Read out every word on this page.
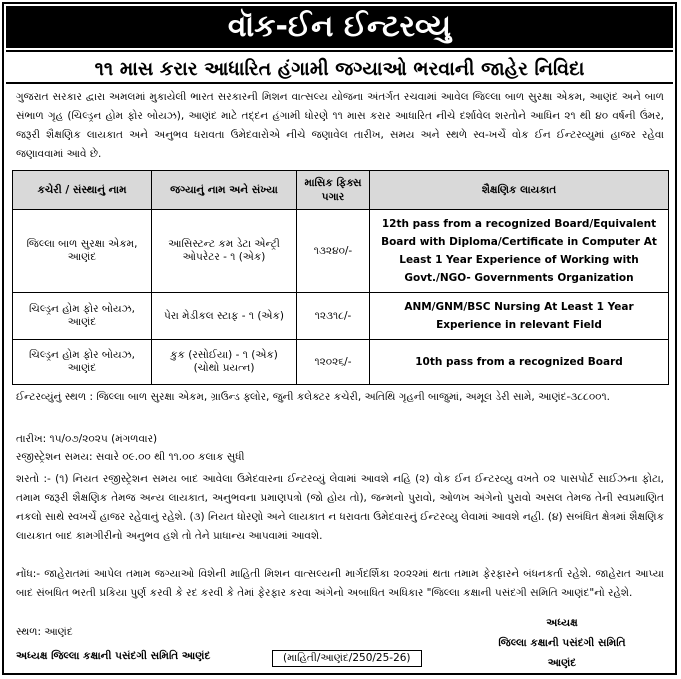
વૉક-ઈન ઈન્ટરવ્યુ
૧૧ માસ કરાર આધારિત હંગામી જગ્યાઓ ભરવાની જાહેર નિવિદા
ગુજરાત સરકાર દ્વારા અમલમાં મુકાયેલી ભારત સરકારની મિશન વાત્સલ્ય યોજના અંતર્ગત રચવામાં આવેલ જિલ્લા બાળ સુરક્ષા એકમ, આણંદ અને બાળ સંભાળ ગૃહ (ચિલ્ડ્રન હોમ ફોર બોયઝ), આણંદ માટે તદ્દન હંગામી ધોરણે ૧૧ માસ કરાર આધારિત નીચે દર્શાવેલ શરતોને આધિન ૨૧ થી ૪૦ વર્ષની ઉંમર, જરૂરી શૈક્ષણિક લાયકાત અને અનુભવ ધરાવતા ઉમેદવારોએ નીચે જણાવેલ તારીખ, સમય અને સ્થળે સ્વ-ખર્ચે વોક ઈન ઈન્ટરવ્યુમાં હાજર રહેવા જણાવવામાં આવે છે.
કચેરી / સંસ્થાનું નામ	જગ્યાનું નામ અને સંખ્યા	માસિક ફિક્સ પગાર	શૈક્ષણિક લાયકાત
જિલ્લા બાળ સુરક્ષા એકમ, આણંદ	આસિસ્ટન્ટ કમ ડેટા એન્ટ્રી ઓપરેટર - ૧ (એક)	૧૩૨૪૦/-	12th pass from a recognized Board/Equivalent Board with Diploma/Certificate in Computer At Least 1 Year Experience of Working with Govt./NGO- Governments Organization
ચિલ્ડ્રન હોમ ફોર બોયઝ, આણંદ	પેરા મેડીકલ સ્ટાફ - ૧ (એક)	૧૨૩૧૮/-	ANM/GNM/BSC Nursing At Least 1 Year Experience in relevant Field
ચિલ્ડ્રન હોમ ફોર બોયઝ, આણંદ	કુક (રસોઈયા) - ૧ (એક) (ચોથો પ્રયત્ન)	૧૨૦૨૬/-	10th pass from a recognized Board
ઈન્ટરવ્યુંનું સ્થળ : જિલ્લા બાળ સુરક્ષા એકમ, ગ્રાઉન્ડ ફ્લોર, જુની કલેક્ટર કચેરી, અતિથિ ગૃહની બાજુમાં, અમૂલ ડેરી સામે, આણંદ-૩૮૮૦૦૧.
તારીખ: ૧૫/૦૭/૨૦૨૫ (મંગળવાર)
રજીસ્ટ્રેશન સમય: સવારે ૦૯.૦૦ થી ૧૧.૦૦ કલાક સુધી
શરતો :- (૧) નિયત રજીસ્ટ્રેશન સમય બાદ આવેલા ઉમેદવારના ઈન્ટરવ્યું લેવામાં આવશે નહિ (૨) વોક ઈન ઈન્ટરવ્યુ વખતે ૦૨ પાસપોર્ટ સાઈઝના ફોટા, તમામ જરૂરી શૈક્ષણિક તેમજ અન્ય લાયકાત, અનુભવના પ્રમાણપત્રો (જો હોય તો), જન્મનો પુરાવો, ઓળખ અંગેનો પુરાવો અસલ તેમજ તેની સ્વપ્રમાણિત નકલો સાથે સ્વખર્ચે હાજર રહેવાનું રહેશે. (૩) નિયત ધોરણો અને લાયકાત ન ધરાવતા ઉમેદવારનું ઈન્ટરવ્યુ લેવામાં આવશે નહી. (૪) સબંધિત ક્ષેત્રમાં શૈક્ષણિક લાયકાત બાદ કામગીરીનો અનુભવ હશે તો તેને પ્રાધાન્ય આપવામાં આવશે.
નોંધ:- જાહેરાતમાં આપેલ તમામ જગ્યાઓ વિશેની માહિતી મિશન વાત્સલ્યની માર્ગદર્શિકા ૨૦૨૨માં થતા તમામ ફેરફારને બંધનકર્તા રહેશે. જાહેરાત આપ્યા બાદ સંબધિત ભરતી પ્રકિયા પુર્ણ કરવી કે રદ કરવી કે તેમાં ફેરફાર કરવા અંગેનો અબાધિત અધિકાર "જિલ્લા કક્ષાની પસંદગી સમિતિ આણંદ"નો રહેશે.
સ્થળ: આણંદ
અધ્યક્ષ જિલ્લા કક્ષાની પસંદગી સમિતિ આણંદ	(માહિતી/આણંદ/250/25-26)
અધ્યક્ષ
જિલ્લા કક્ષાની પસંદગી સમિતિ
આણંદ
